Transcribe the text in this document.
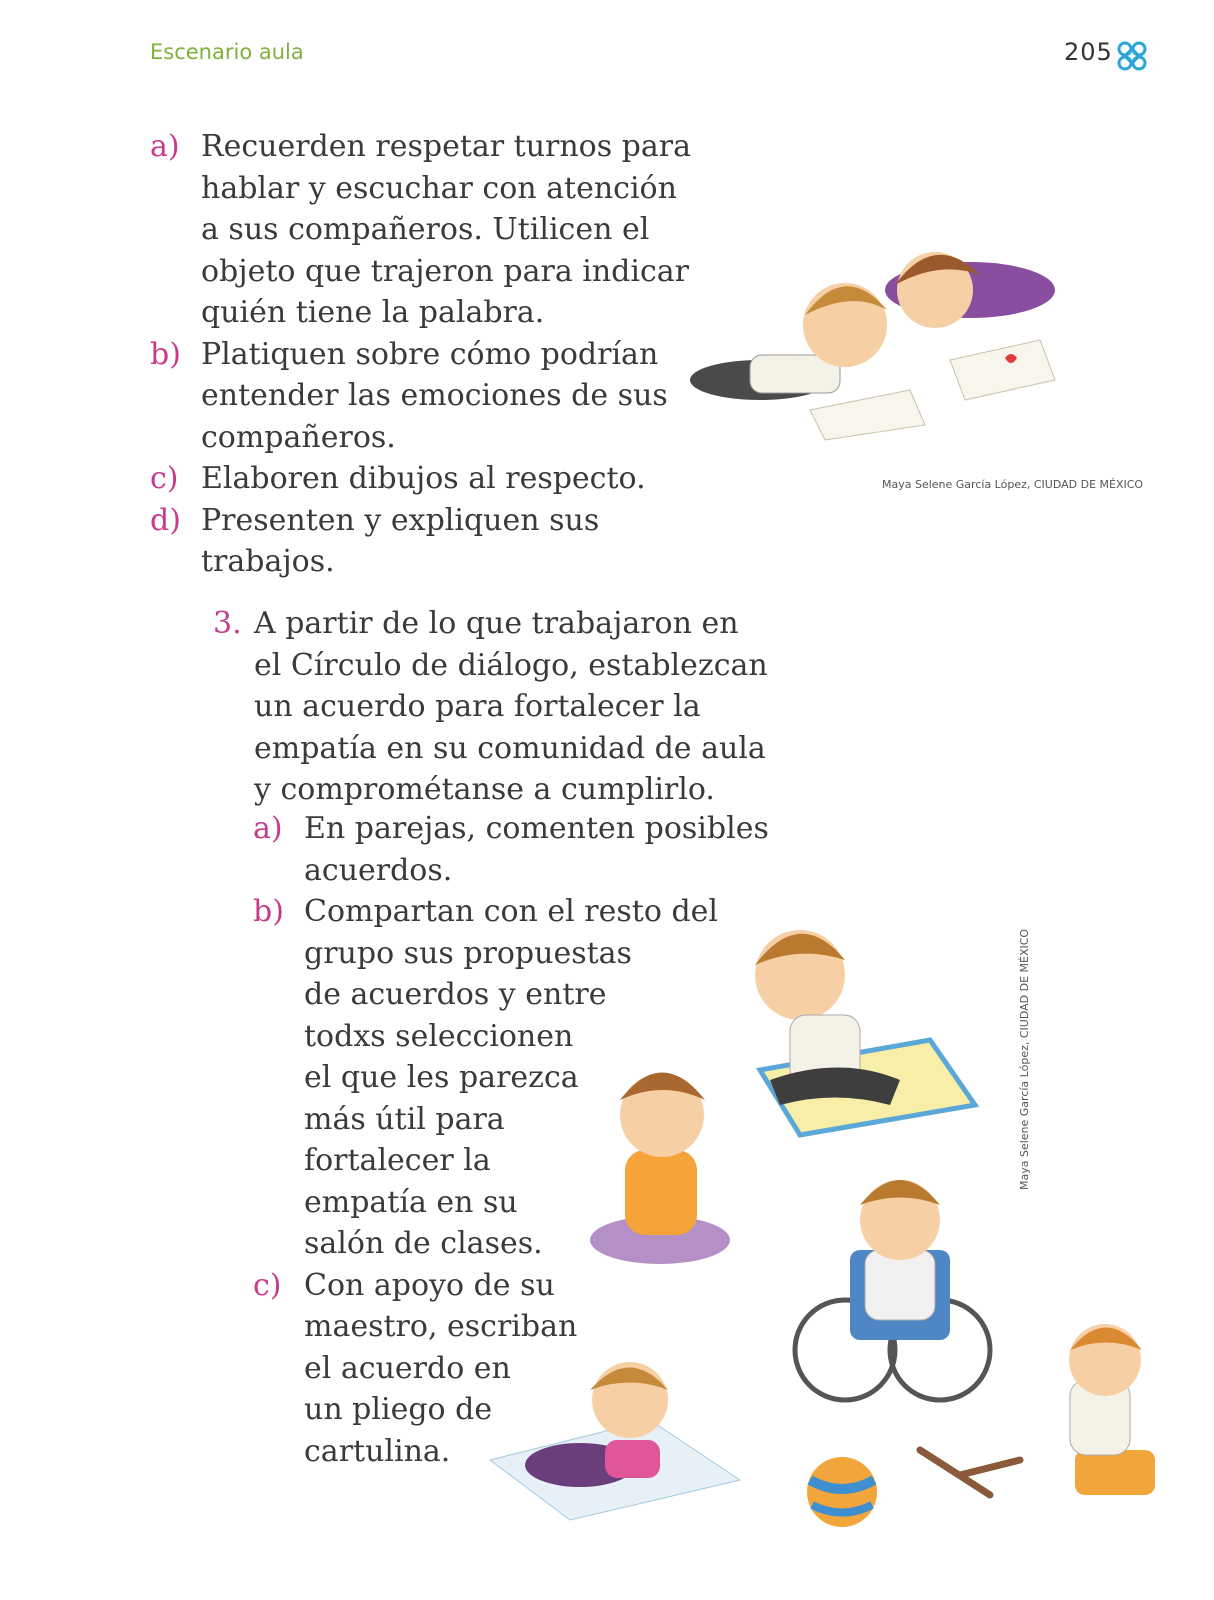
Escenario aula	205
a) Recuerden respetar turnos para
hablar y escuchar con atención
a sus compañeros. Utilicen el
objeto que trajeron para indicar
quién tiene la palabra.
b) Platiquen sobre cómo podrían
entender las emociones de sus
compañeros.
c) Elaboren dibujos al respecto.
d) Presenten y expliquen sus
trabajos.
3. A partir de lo que trabajaron en
el Círculo de diálogo, establezcan
un acuerdo para fortalecer la
empatía en su comunidad de aula
y comprométanse a cumplirlo.
a) En parejas, comenten posibles
acuerdos.
b) Compartan con el resto del
grupo sus propuestas
de acuerdos y entre
todxs seleccionen
el que les parezca
más útil para
fortalecer la
empatía en su
salón de clases.
c) Con apoyo de su
maestro, escriban
el acuerdo en
un pliego de
cartulina.
Maya Selene García López, CIUDAD DE MÉXICO
Maya Selene García López, CIUDAD DE MÉXICO
